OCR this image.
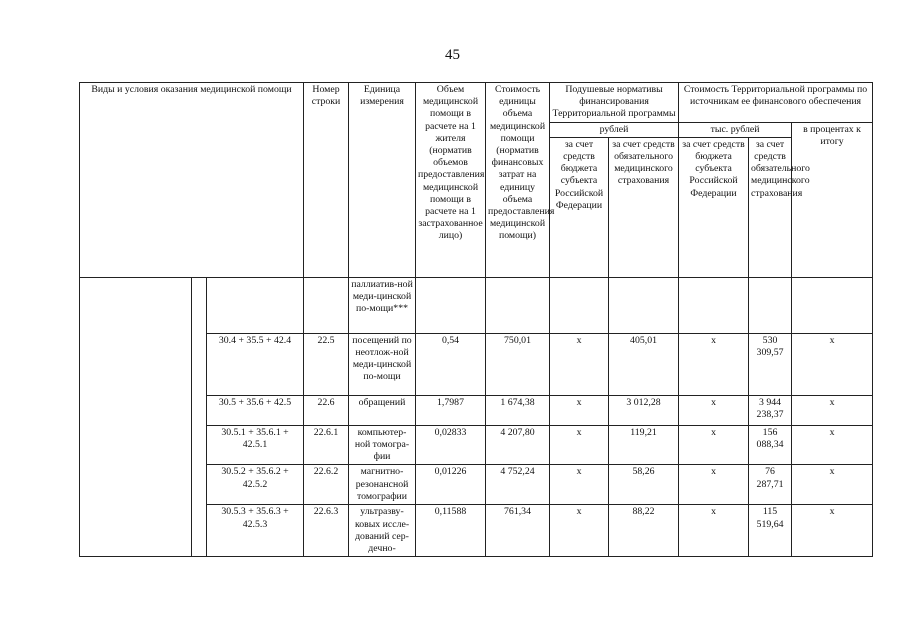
45
Виды и условия оказания медицинской помощи			Номер строки	Единица измерения	Объем медицинской помощи в расчете на 1 жителя (норматив объемов предоставления медицинской помощи в расчете на 1 застрахованное лицо)	Стоимость единицы объема медицинской помощи (норматив финансовых затрат на единицу объема предоставления медицинской помощи)	Подушевые нормативы финансирования Территориальной программы		Стоимость Территориальной программы по источникам ее финансового обеспечения		
							рублей		тыс. рублей		в процентах к итогу
							за счет средств бюджета субъекта Российской Федерации	за счет средств обязательного медицинского страхования	за счет средств бюджета субъекта Российской Федерации	за счет средств обязательного медицинского страхования	
				паллиатив-ной меди-цинской по-мощи***							
		30.4 + 35.5 + 42.4	22.5	посещений по неотлож-ной меди-цинской по-мощи	0,54	750,01	x	405,01	x	530 309,57	x
		30.5 + 35.6 + 42.5	22.6	обращений	1,7987	1 674,38	x	3 012,28	x	3 944 238,37	x
		30.5.1 + 35.6.1 + 42.5.1	22.6.1	компьютер-ной томогра-фии	0,02833	4 207,80	x	119,21	x	156 088,34	x
		30.5.2 + 35.6.2 + 42.5.2	22.6.2	магнитно-резонансной томографии	0,01226	4 752,24	x	58,26	x	76 287,71	x
		30.5.3 + 35.6.3 + 42.5.3	22.6.3	ультразву-ковых иссле-дований сер-дечно-	0,11588	761,34	x	88,22	x	115 519,64	x
